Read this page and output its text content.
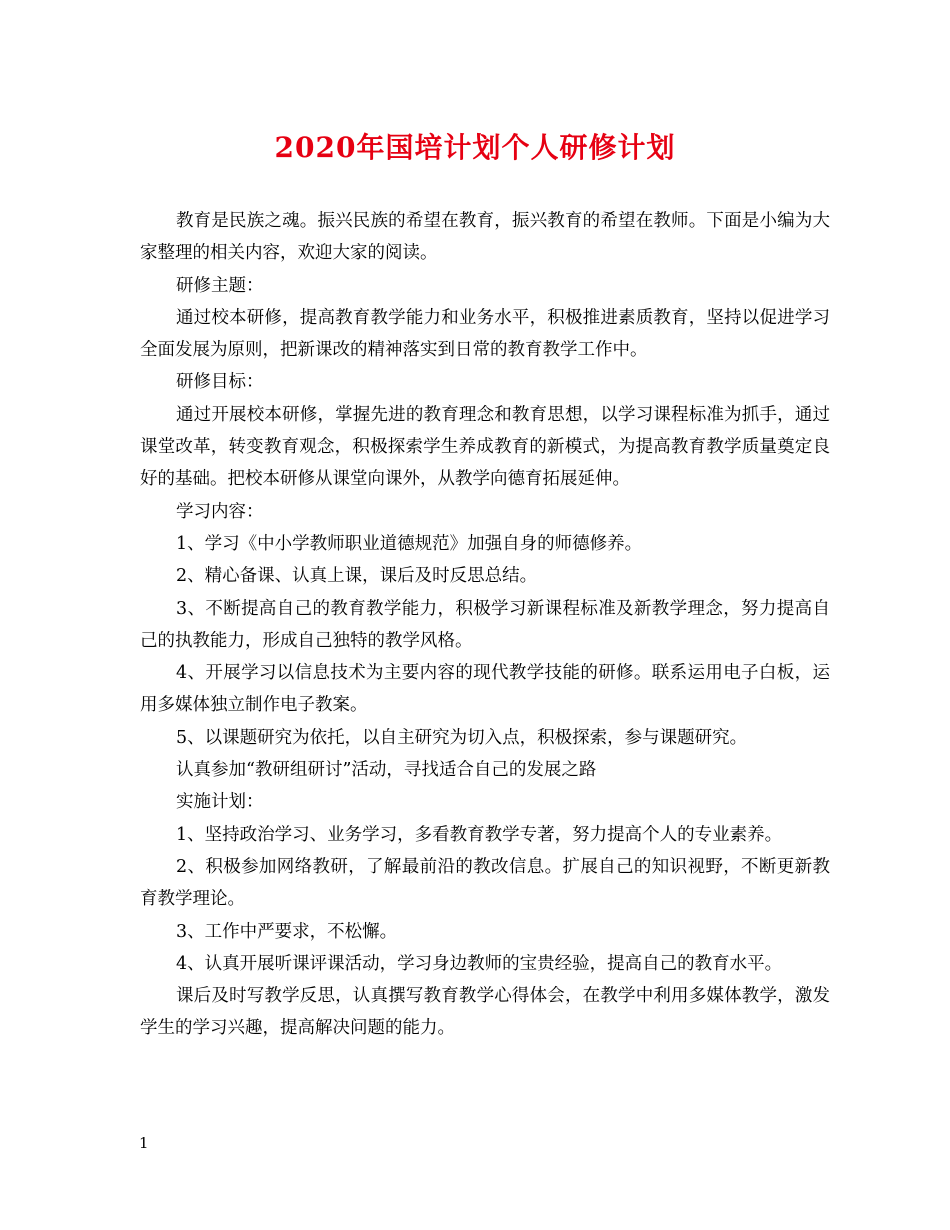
2020年国培计划个人研修计划

教育是民族之魂。振兴民族的希望在教育，振兴教育的希望在教师。下面是小编为大家整理的相关内容，欢迎大家的阅读。

研修主题：

通过校本研修，提高教育教学能力和业务水平，积极推进素质教育，坚持以促进学习全面发展为原则，把新课改的精神落实到日常的教育教学工作中。

研修目标：

通过开展校本研修，掌握先进的教育理念和教育思想，以学习课程标准为抓手，通过课堂改革，转变教育观念，积极探索学生养成教育的新模式，为提高教育教学质量奠定良好的基础。把校本研修从课堂向课外，从教学向德育拓展延伸。

学习内容：

1、学习《中小学教师职业道德规范》加强自身的师德修养。

2、精心备课、认真上课，课后及时反思总结。

3、不断提高自己的教育教学能力，积极学习新课程标准及新教学理念，努力提高自己的执教能力，形成自己独特的教学风格。

4、开展学习以信息技术为主要内容的现代教学技能的研修。联系运用电子白板，运用多媒体独立制作电子教案。

5、以课题研究为依托，以自主研究为切入点，积极探索，参与课题研究。

认真参加“教研组研讨”活动，寻找适合自己的发展之路

实施计划：

1、坚持政治学习、业务学习，多看教育教学专著，努力提高个人的专业素养。

2、积极参加网络教研，了解最前沿的教改信息。扩展自己的知识视野，不断更新教育教学理论。

3、工作中严要求，不松懈。

4、认真开展听课评课活动，学习身边教师的宝贵经验，提高自己的教育水平。

课后及时写教学反思，认真撰写教育教学心得体会，在教学中利用多媒体教学，激发学生的学习兴趣，提高解决问题的能力。

1
